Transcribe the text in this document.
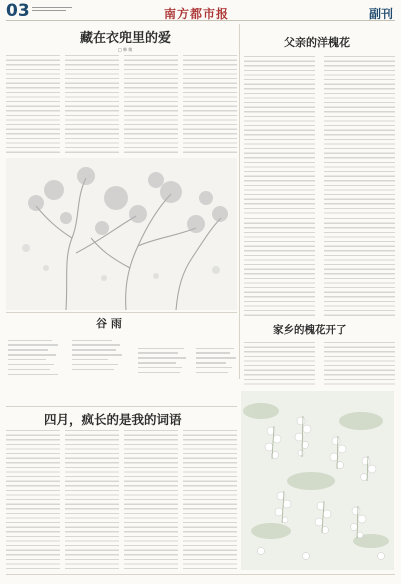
03	南方都市报	副刊
藏在衣兜里的爱
□ 韩 敏
父亲的洋槐花
家乡的槐花开了
谷 雨
四月，疯长的是我的词语
